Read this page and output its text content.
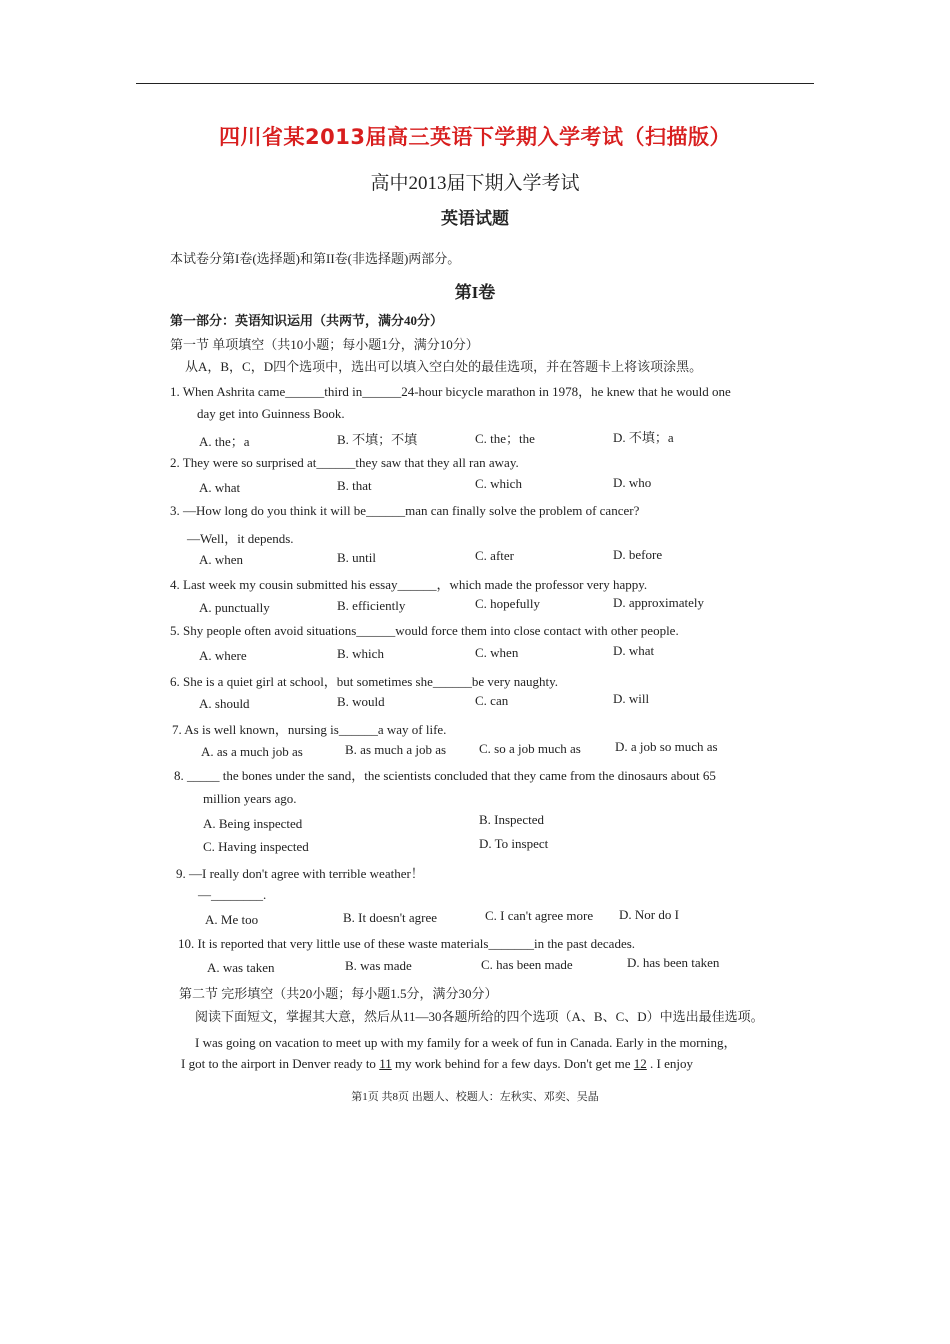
四川省某2013届高三英语下学期入学考试（扫描版）
高中2013届下期入学考试
英语试题
本试卷分第I卷(选择题)和第II卷(非选择题)两部分。
第I卷
第一部分：英语知识运用（共两节，满分40分）
第一节 单项填空（共10小题；每小题1分，满分10分）
从A，B，C，D四个选项中，选出可以填入空白处的最佳选项，并在答题卡上将该项涂黑。
1. When Ashrita came______third in______24-hour bicycle marathon in 1978，he knew that he would one
day get into Guinness Book.
A. the；a	B. 不填；不填	C. the；the	D. 不填；a
2. They were so surprised at______they saw that they all ran away.
A. what	B. that	C. which	D. who
3. —How long do you think it will be______man can finally solve the problem of cancer?
—Well，it depends.
A. when	B. until	C. after	D. before
4. Last week my cousin submitted his essay______，which made the professor very happy.
A. punctually	B. efficiently	C. hopefully	D. approximately
5. Shy people often avoid situations______would force them into close contact with other people.
A. where	B. which	C. when	D. what
6. She is a quiet girl at school，but sometimes she______be very naughty.
A. should	B. would	C. can	D. will
7. As is well known，nursing is______a way of life.
A. as a much job as	B. as much a job as	C. so a job much as	D. a job so much as
8. _____ the bones under the sand，the scientists concluded that they came from the dinosaurs about 65
million years ago.
A. Being inspected	B. Inspected
C. Having inspected	D. To inspect
9. —I really don't agree with terrible weather！
—________.
A. Me too	B. It doesn't agree	C. I can't agree more D. Nor do I
10. It is reported that very little use of these waste materials_______in the past decades.
A. was taken	B. was made	C. has been made	D. has been taken
第二节 完形填空（共20小题；每小题1.5分，满分30分）
阅读下面短文，掌握其大意，然后从11—30各题所给的四个选项（A、B、C、D）中选出最佳选项。
I was going on vacation to meet up with my family for a week of fun in Canada. Early in the morning，
I got to the airport in Denver ready to 11 my work behind for a few days. Don't get me 12 . I enjoy
第1页 共8页 出题人、校题人：左秋实、邓奕、吴晶
